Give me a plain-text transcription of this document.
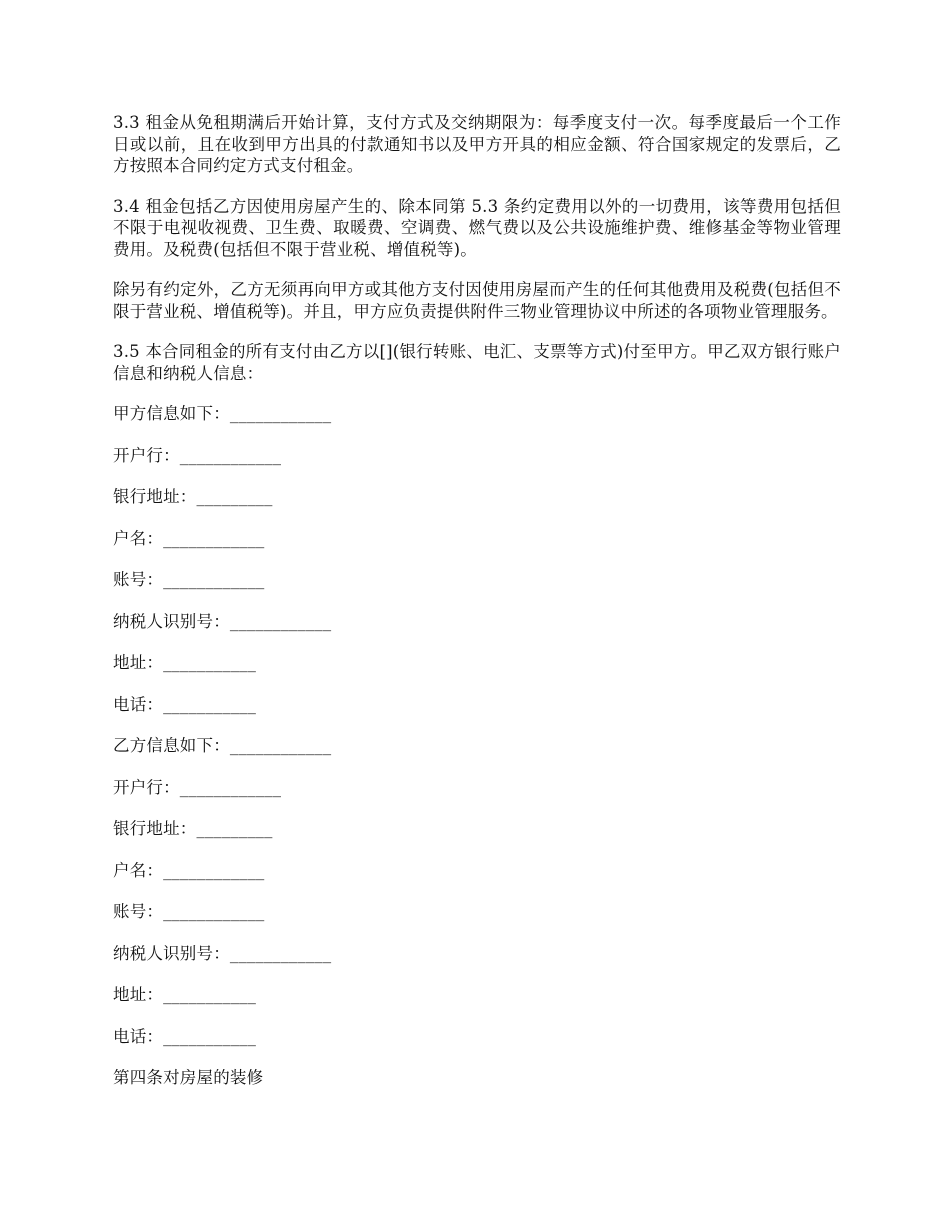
3.3 租金从免租期满后开始计算，支付方式及交纳期限为：每季度支付一次。每季度最后一个工作日或以前，且在收到甲方出具的付款通知书以及甲方开具的相应金额、符合国家规定的发票后，乙方按照本合同约定方式支付租金。

3.4 租金包括乙方因使用房屋产生的、除本同第 5.3 条约定费用以外的一切费用，该等费用包括但不限于电视收视费、卫生费、取暖费、空调费、燃气费以及公共设施维护费、维修基金等物业管理费用。及税费(包括但不限于营业税、增值税等)。

除另有约定外，乙方无须再向甲方或其他方支付因使用房屋而产生的任何其他费用及税费(包括但不限于营业税、增值税等)。并且，甲方应负责提供附件三物业管理协议中所述的各项物业管理服务。

3.5 本合同租金的所有支付由乙方以[](银行转账、电汇、支票等方式)付至甲方。甲乙双方银行账户信息和纳税人信息：

甲方信息如下：____________
开户行：____________
银行地址：_________
户名：____________
账号：____________
纳税人识别号：____________
地址：___________
电话：___________
乙方信息如下：____________
开户行：____________
银行地址：_________
户名：____________
账号：____________
纳税人识别号：____________
地址：___________
电话：___________
第四条对房屋的装修
